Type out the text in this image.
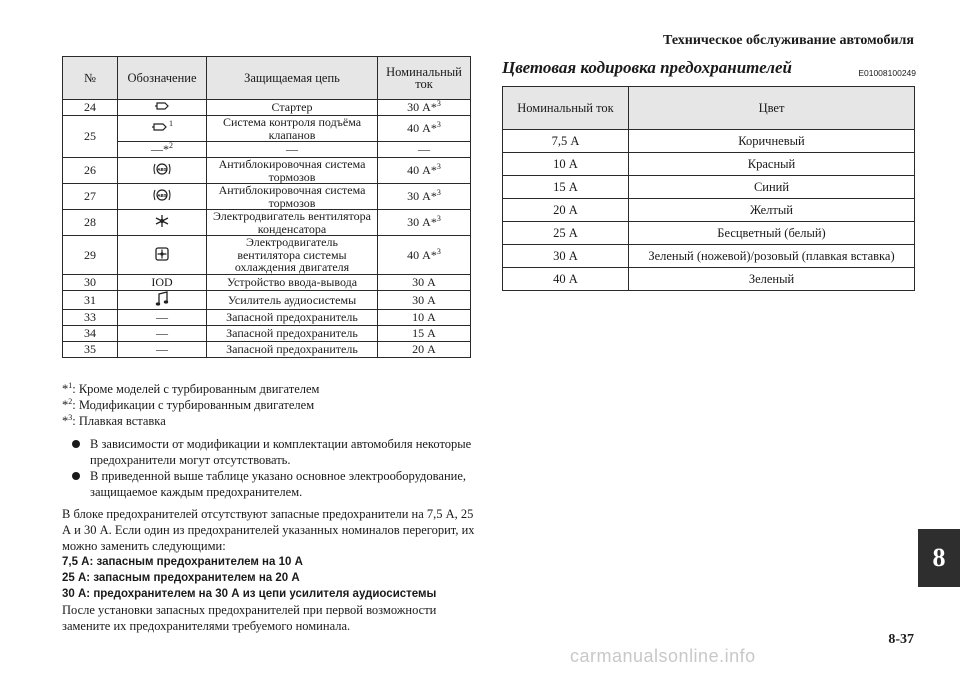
Техническое обслуживание автомобиля
№	Обозначение	Защищаемая цепь	Номинальный ток
24		Стартер	30 А*$^3$
25	$^1$	Система контроля подъёма клапанов	40 А*$^3$
	—*$^2$	—	—
26	ABS	Антиблокировочная система тормозов	40 А*$^3$
27	ABS	Антиблокировочная система тормозов	30 А*$^3$
28		Электродвигатель вентилятора конденсатора	30 А*$^3$
29		Электродвигатель вентилятора системы охлаждения двигателя	40 А*$^3$
30	IOD	Устройство ввода-вывода	30 А
31		Усилитель аудиосистемы	30 А
33	—	Запасной предохранитель	10 А
34	—	Запасной предохранитель	15 А
35	—	Запасной предохранитель	20 А
*$^1$: Кроме моделей с турбированным двигателем
*$^2$: Модификации с турбированным двигателем
*$^3$: Плавкая вставка
В зависимости от модификации и комплектации автомобиля некоторые предохранители могут отсутствовать.
В приведенной выше таблице указано основное электрооборудование, защищаемое каждым предохранителем.

В блоке предохранителей отсутствуют запасные предохранители на 7,5 А, 25 А и 30 А. Если один из предохранителей указанных номиналов перегорит, их можно заменить следующими:

7,5 А: запасным предохранителем на 10 А

25 А: запасным предохранителем на 20 А

30 А: предохранителем на 30 А из цепи усилителя аудиосистемы

После установки запасных предохранителей при первой возможности замените их предохранителями требуемого номинала.

Цветовая кодировка предохранителей	E01008100249
Номинальный ток	Цвет
7,5 А	Коричневый
10 А	Красный
15 А	Синий
20 А	Желтый
25 А	Бесцветный (белый)
30 А	Зеленый (ножевой)/розовый (плавкая вставка)
40 А	Зеленый
8
8-37
carmanualsonline.info
